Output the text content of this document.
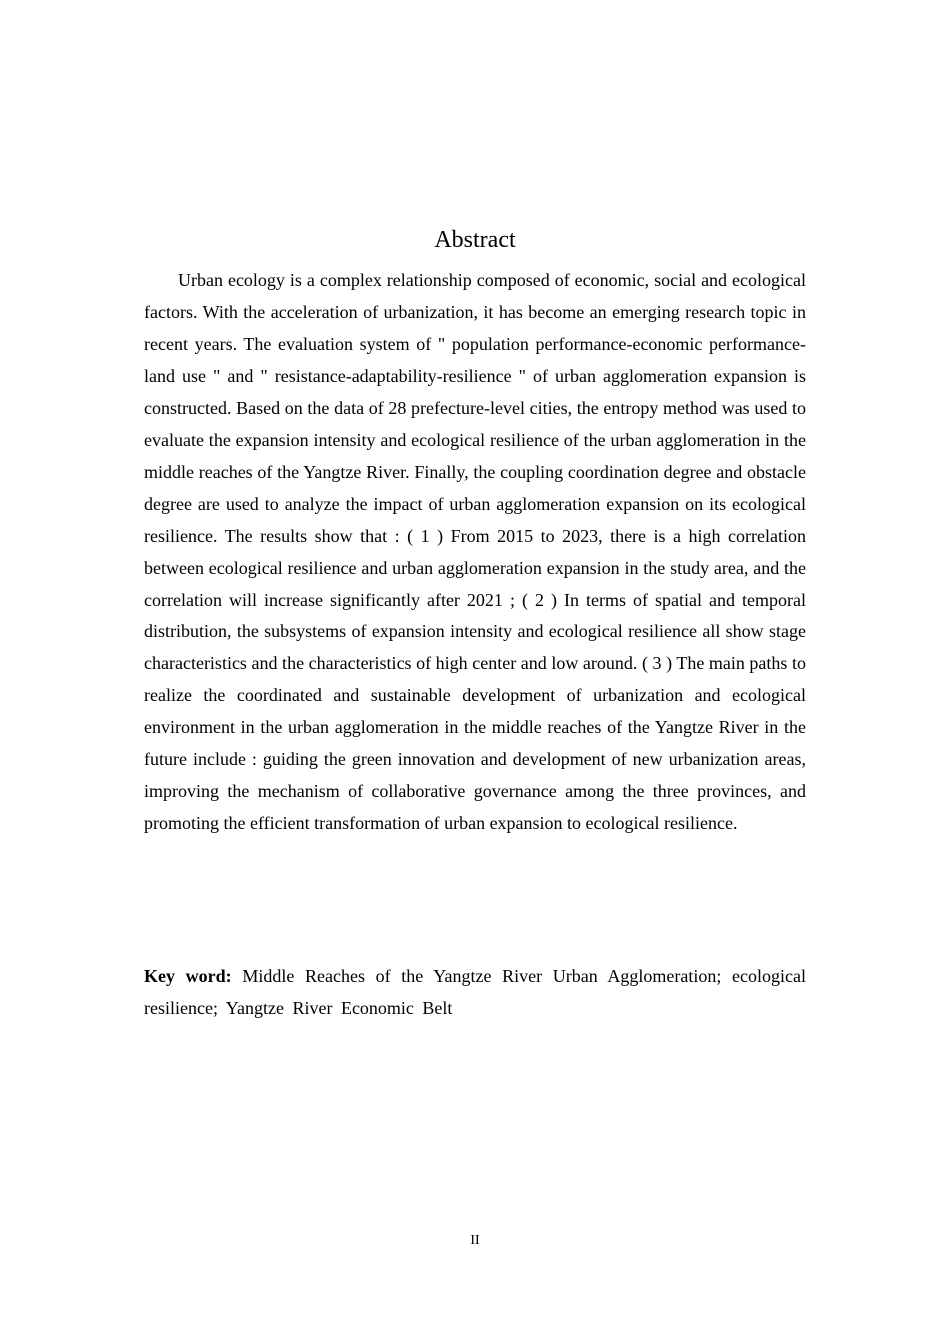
Abstract

Urban ecology is a complex relationship composed of economic, social and ecological factors. With the acceleration of urbanization, it has become an emerging research topic in recent years. The evaluation system of " population performance-economic performance-land use " and " resistance-adaptability-resilience " of urban agglomeration expansion is constructed. Based on the data of 28 prefecture-level cities, the entropy method was used to evaluate the expansion intensity and ecological resilience of the urban agglomeration in the middle reaches of the Yangtze River. Finally, the coupling coordination degree and obstacle degree are used to analyze the impact of urban agglomeration expansion on its ecological resilience. The results show that : ( 1 ) From 2015 to 2023, there is a high correlation between ecological resilience and urban agglomeration expansion in the study area, and the correlation will increase significantly after 2021 ; ( 2 ) In terms of spatial and temporal distribution, the subsystems of expansion intensity and ecological resilience all show stage characteristics and the characteristics of high center and low around. ( 3 ) The main paths to realize the coordinated and sustainable development of urbanization and ecological environment in the urban agglomeration in the middle reaches of the Yangtze River in the future include : guiding the green innovation and development of new urbanization areas, improving the mechanism of collaborative governance among the three provinces, and promoting the efficient transformation of urban expansion to ecological resilience.

Key word: Middle Reaches of the Yangtze River Urban Agglomeration; ecological resilience; Yangtze River Economic Belt

II
